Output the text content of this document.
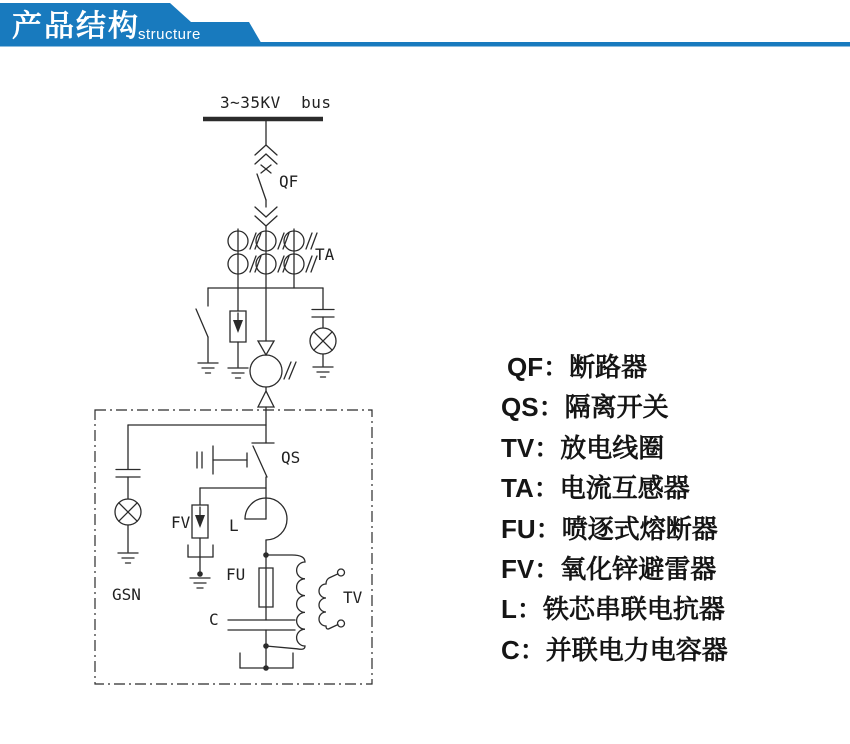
产品结构
structure
3~35KV  bus
QF
TA
QS
FV L
GSN
FU
C
TV
QF：断路器
QS：隔离开关
TV：放电线圈
TA：电流互感器
FU：喷逐式熔断器
FV：氧化锌避雷器
L：铁芯串联电抗器
C：并联电力电容器
